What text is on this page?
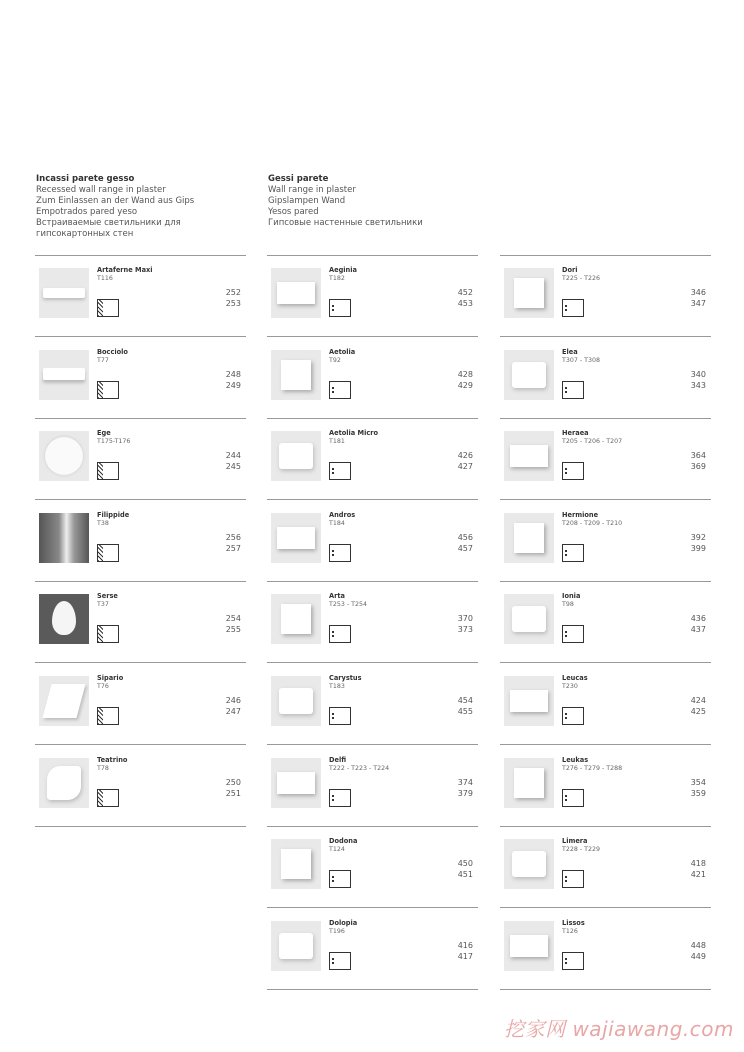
Incassi parete gesso
Recessed wall range in plaster
Zum Einlassen an der Wand aus Gips
Empotrados pared yeso
Встраиваемые светильники для
гипсокартонных стен
Gessi parete
Wall range in plaster
Gipslampen Wand
Yesos pared
Гипсовые настенные светильники
Artaferne Maxi
T116
252
253
Bocciolo
T77
248
249
Ege
T175-T176
244
245
Filippide
T38
256
257
Serse
T37
254
255
Sipario
T76
246
247
Teatrino
T78
250
251
Aeginia
T182
452
453
Aetolia
T92
428
429
Aetolia Micro
T181
426
427
Andros
T184
456
457
Arta
T253 - T254
370
373
Carystus
T183
454
455
Delfi
T222 - T223 - T224
374
379
Dodona
T124
450
451
Dolopia
T196
416
417
Dori
T225 - T226
346
347
Elea
T307 - T308
340
343
Heraea
T205 - T206 - T207
364
369
Hermione
T208 - T209 - T210
392
399
Ionia
T98
436
437
Leucas
T230
424
425
Leukas
T276 - T279 - T288
354
359
Limera
T228 - T229
418
421
Lissos
T126
448
449
挖家网 wajiawang.com
